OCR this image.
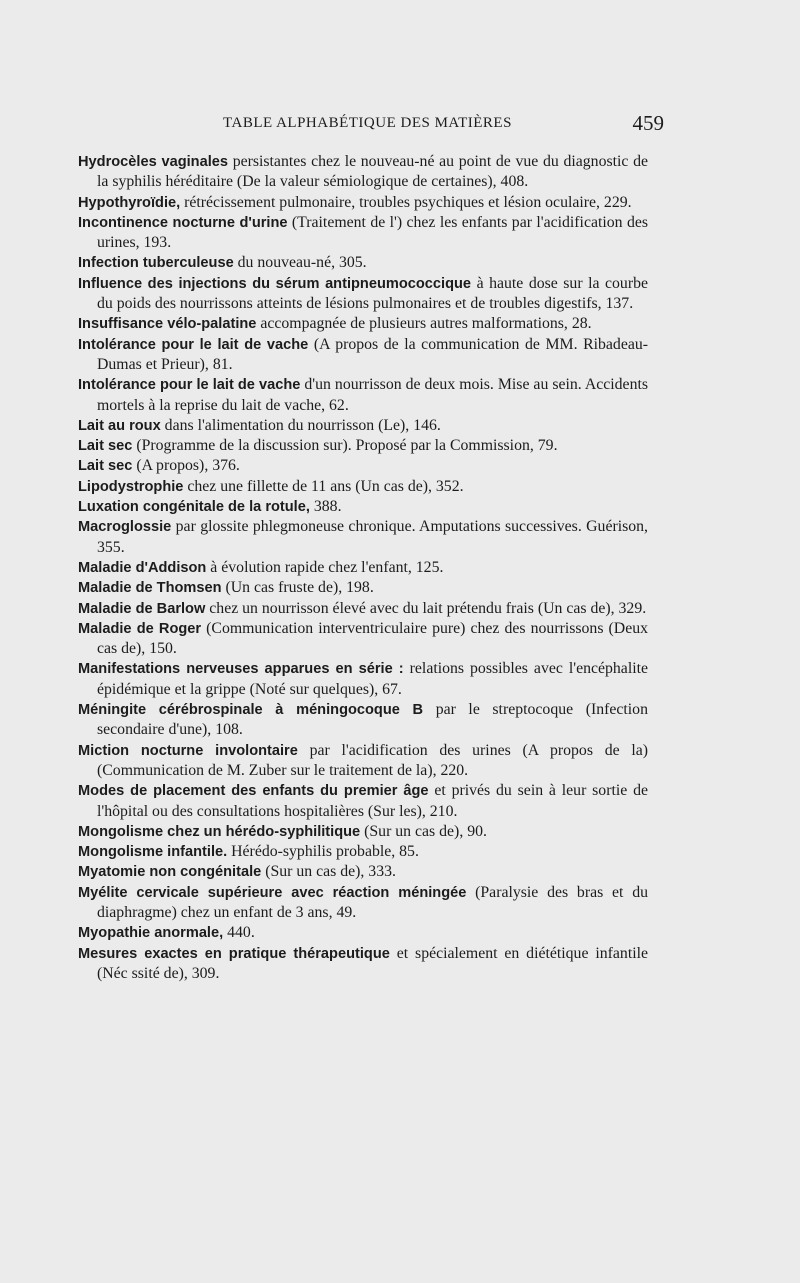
TABLE ALPHABÉTIQUE DES MATIÈRES	459

Hydrocèles vaginales persistantes chez le nouveau-né au point de vue du diagnostic de la syphilis héréditaire (De la valeur sémiologique de certaines), 408.

Hypothyroïdie, rétrécissement pulmonaire, troubles psychiques et lésion oculaire, 229.

Incontinence nocturne d'urine (Traitement de l') chez les enfants par l'acidification des urines, 193.

Infection tuberculeuse du nouveau-né, 305.

Influence des injections du sérum antipneumococcique à haute dose sur la courbe du poids des nourrissons atteints de lésions pulmonaires et de troubles digestifs, 137.

Insuffisance vélo-palatine accompagnée de plusieurs autres malformations, 28.

Intolérance pour le lait de vache (A propos de la communication de MM. Ribadeau-Dumas et Prieur), 81.

Intolérance pour le lait de vache d'un nourrisson de deux mois. Mise au sein. Accidents mortels à la reprise du lait de vache, 62.

Lait au roux dans l'alimentation du nourrisson (Le), 146.

Lait sec (Programme de la discussion sur). Proposé par la Commission, 79.

Lait sec (A propos), 376.

Lipodystrophie chez une fillette de 11 ans (Un cas de), 352.

Luxation congénitale de la rotule, 388.

Macroglossie par glossite phlegmoneuse chronique. Amputations successives. Guérison, 355.

Maladie d'Addison à évolution rapide chez l'enfant, 125.

Maladie de Thomsen (Un cas fruste de), 198.

Maladie de Barlow chez un nourrisson élevé avec du lait prétendu frais (Un cas de), 329.

Maladie de Roger (Communication interventriculaire pure) chez des nourrissons (Deux cas de), 150.

Manifestations nerveuses apparues en série : relations possibles avec l'encéphalite épidémique et la grippe (Noté sur quelques), 67.

Méningite cérébrospinale à méningocoque B par le streptocoque (Infection secondaire d'une), 108.

Miction nocturne involontaire par l'acidification des urines (A propos de la) (Communication de M. Zuber sur le traitement de la), 220.

Modes de placement des enfants du premier âge et privés du sein à leur sortie de l'hôpital ou des consultations hospitalières (Sur les), 210.

Mongolisme chez un hérédo-syphilitique (Sur un cas de), 90.

Mongolisme infantile. Hérédo-syphilis probable, 85.

Myatomie non congénitale (Sur un cas de), 333.

Myélite cervicale supérieure avec réaction méningée (Paralysie des bras et du diaphragme) chez un enfant de 3 ans, 49.

Myopathie anormale, 440.

Mesures exactes en pratique thérapeutique et spécialement en diététique infantile (Néc ssité de), 309.
